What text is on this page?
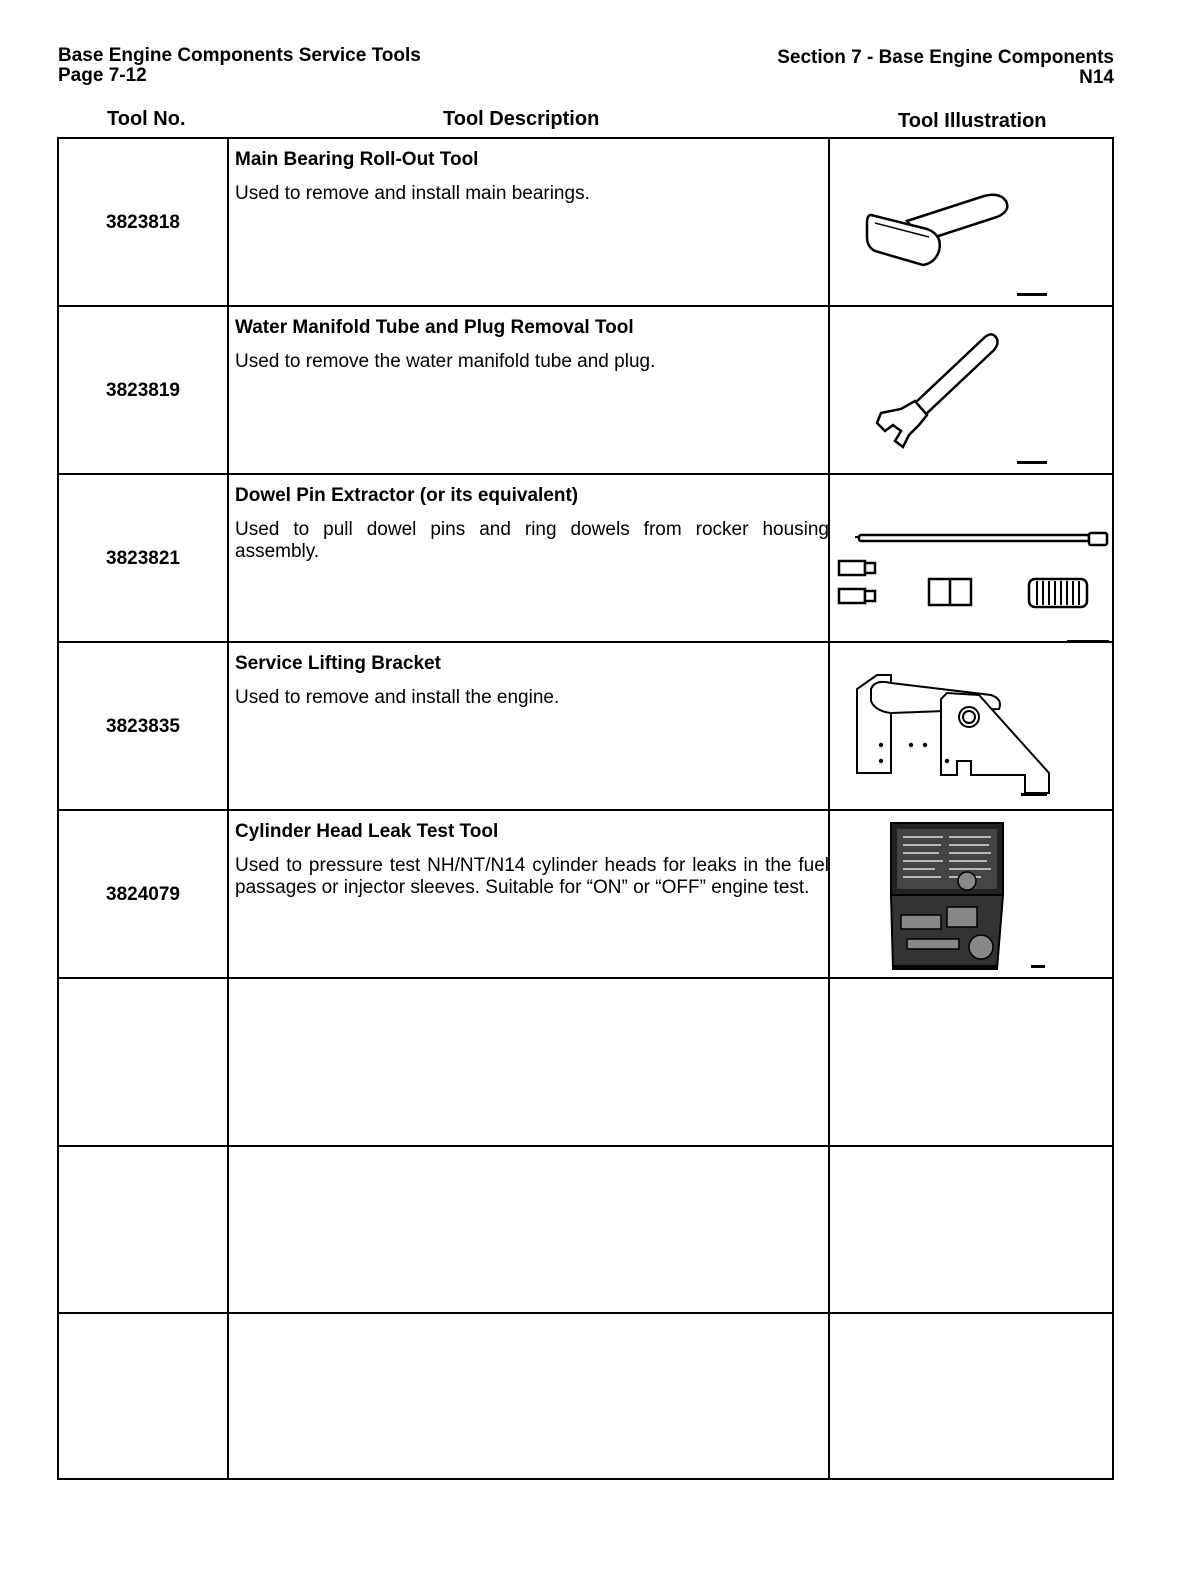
Base Engine Components Service Tools
Page 7-12
Section 7 - Base Engine Components
N14
Tool No.	Tool Description	Tool Illustration
3823818
Main Bearing Roll-Out Tool
Used to remove and install main bearings.
3823819
Water Manifold Tube and Plug Removal Tool
Used to remove the water manifold tube and plug.
3823821
Dowel Pin Extractor (or its equivalent)
Used to pull dowel pins and ring dowels from rocker housing assembly.
3823835
Service Lifting Bracket
Used to remove and install the engine.
3824079
Cylinder Head Leak Test Tool
Used to pressure test NH/NT/N14 cylinder heads for leaks in the fuel passages or injector sleeves. Suitable for “ON” or “OFF” engine test.
